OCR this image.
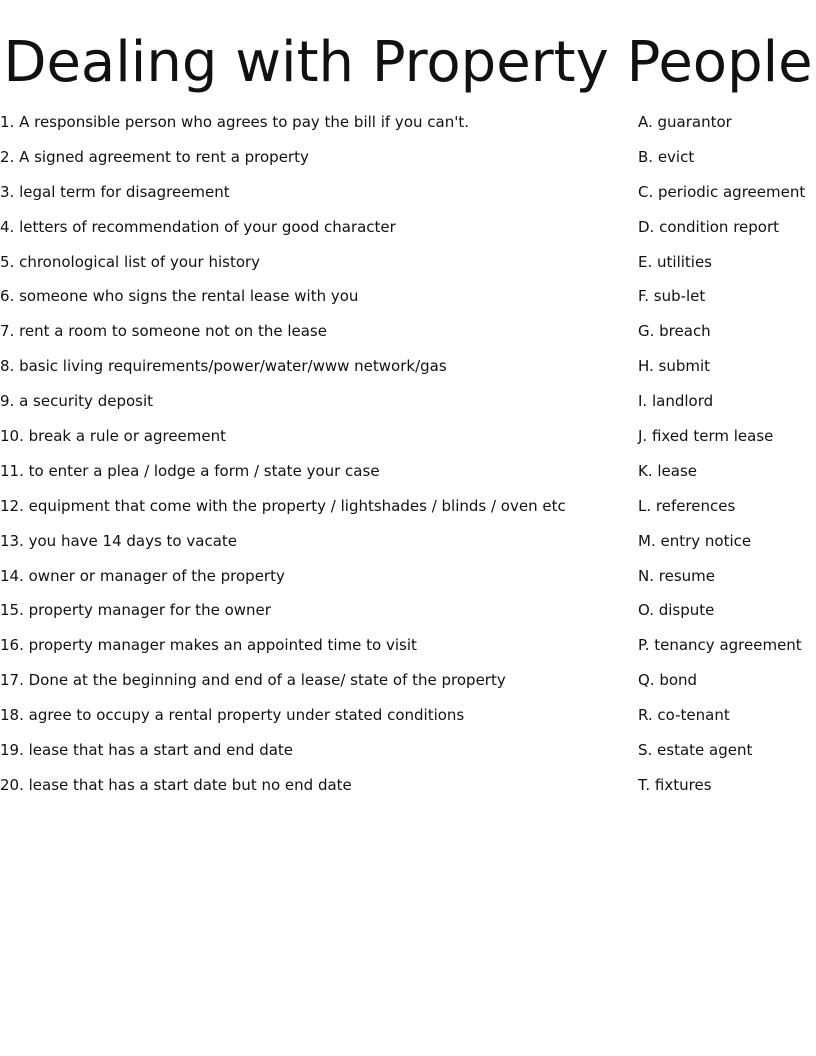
Dealing with Property People
1. A responsible person who agrees to pay the bill if you can't.
2. A signed agreement to rent a property
3. legal term for disagreement
4. letters of recommendation of your good character
5. chronological list of your history
6. someone who signs the rental lease with you
7. rent a room to someone not on the lease
8. basic living requirements/power/water/www network/gas
9. a security deposit
10. break a rule or agreement
11. to enter a plea / lodge a form / state your case
12. equipment that come with the property / lightshades / blinds / oven etc
13. you have 14 days to vacate
14. owner or manager of the property
15. property manager for the owner
16. property manager makes an appointed time to visit
17. Done at the beginning and end of a lease/ state of the property
18. agree to occupy a rental property under stated conditions
19. lease that has a start and end date
20. lease that has a start date but no end date
A. guarantor
B. evict
C. periodic agreement
D. condition report
E. utilities
F. sub-let
G. breach
H. submit
I. landlord
J. fixed term lease
K. lease
L. references
M. entry notice
N. resume
O. dispute
P. tenancy agreement
Q. bond
R. co-tenant
S. estate agent
T. fixtures
